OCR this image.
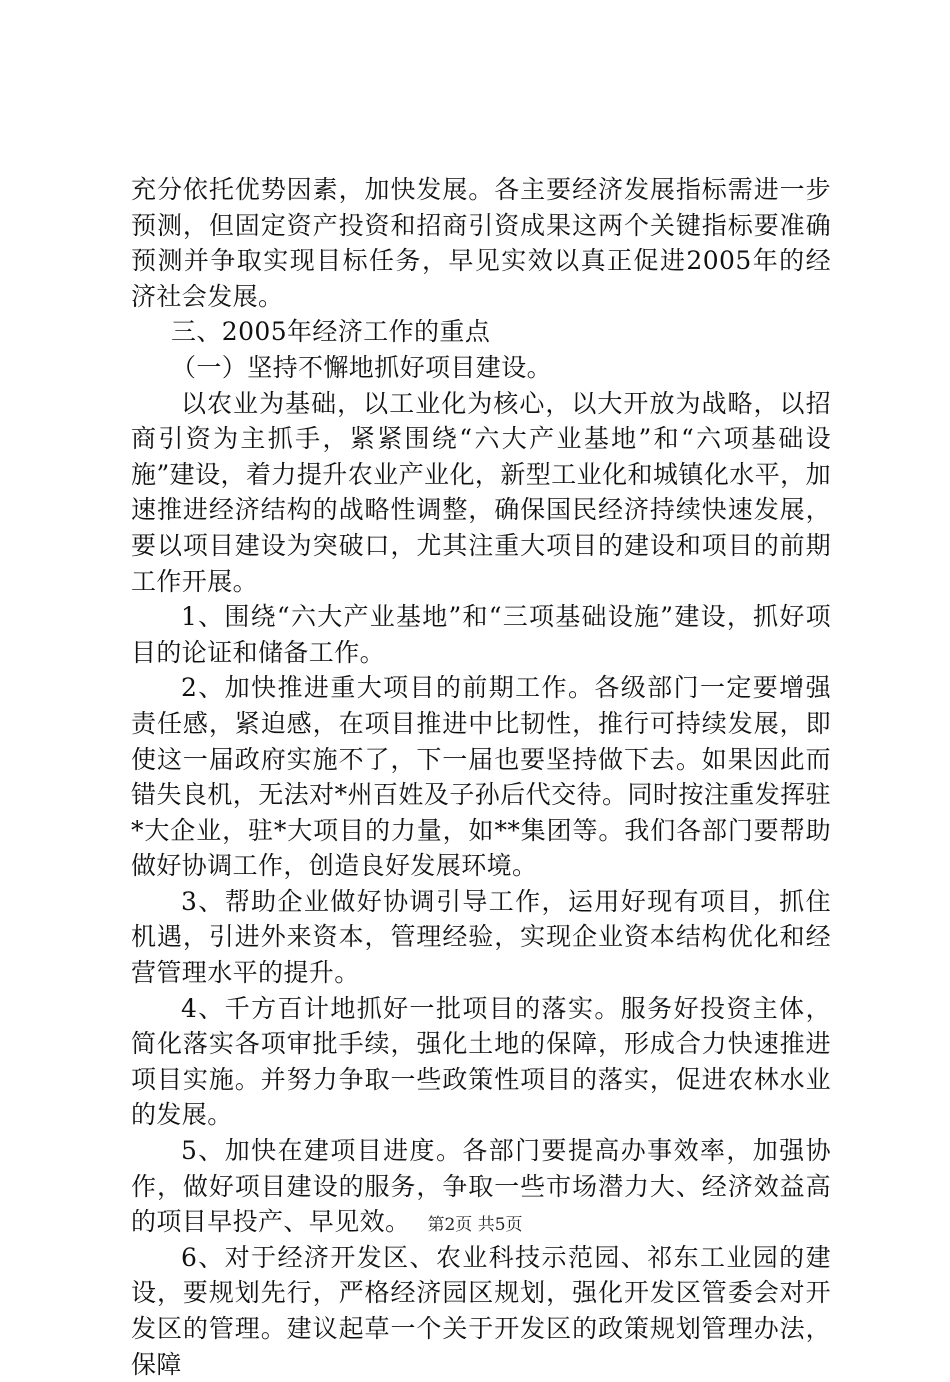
充分依托优势因素，加快发展。各主要经济发展指标需进一步预测，但固定资产投资和招商引资成果这两个关键指标要准确预测并争取实现目标任务，早见实效以真正促进2005年的经济社会发展。

三、2005年经济工作的重点

（一）坚持不懈地抓好项目建设。

以农业为基础，以工业化为核心，以大开放为战略，以招商引资为主抓手，紧紧围绕“六大产业基地”和“六项基础设施”建设，着力提升农业产业化，新型工业化和城镇化水平，加速推进经济结构的战略性调整，确保国民经济持续快速发展，要以项目建设为突破口，尤其注重大项目的建设和项目的前期工作开展。

1、围绕“六大产业基地”和“三项基础设施”建设，抓好项目的论证和储备工作。

2、加快推进重大项目的前期工作。各级部门一定要增强责任感，紧迫感，在项目推进中比韧性，推行可持续发展，即使这一届政府实施不了，下一届也要坚持做下去。如果因此而错失良机，无法对*州百姓及子孙后代交待。同时按注重发挥驻*大企业，驻*大项目的力量，如**集团等。我们各部门要帮助做好协调工作，创造良好发展环境。

3、帮助企业做好协调引导工作，运用好现有项目，抓住机遇，引进外来资本，管理经验，实现企业资本结构优化和经营管理水平的提升。

4、千方百计地抓好一批项目的落实。服务好投资主体，简化落实各项审批手续，强化土地的保障，形成合力快速推进项目实施。并努力争取一些政策性项目的落实，促进农林水业的发展。

5、加快在建项目进度。各部门要提高办事效率，加强协作，做好项目建设的服务，争取一些市场潜力大、经济效益高的项目早投产、早见效。

6、对于经济开发区、农业科技示范园、祁东工业园的建设，要规划先行，严格经济园区规划，强化开发区管委会对开发区的管理。建议起草一个关于开发区的政策规划管理办法，保障

第2页 共5页
